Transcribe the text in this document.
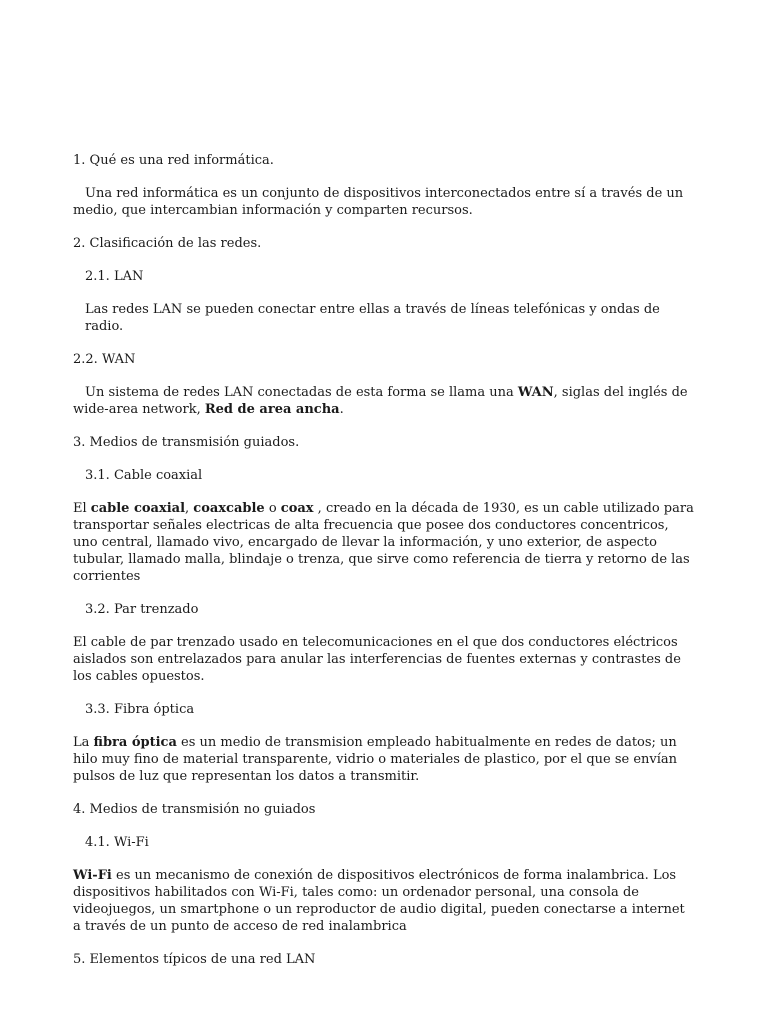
1. Qué es una red informática.
Una red informática es un conjunto de dispositivos interconectados entre sí a través de un medio, que intercambian información y comparten recursos.
2. Clasificación de las redes.
2.1. LAN
Las redes LAN se pueden conectar entre ellas a través de líneas telefónicas y ondas de radio.
2.2. WAN
Un sistema de redes LAN conectadas de esta forma se llama una WAN, siglas del inglés de wide-area network, Red de area ancha.
3. Medios de transmisión guiados.
3.1. Cable coaxial
El cable coaxial, coaxcable o coax , creado en la década de 1930, es un cable utilizado para transportar señales electricas de alta frecuencia que posee dos conductores concentricos, uno central, llamado vivo, encargado de llevar la información, y uno exterior, de aspecto tubular, llamado malla, blindaje o trenza, que sirve como referencia de tierra y retorno de las corrientes
3.2. Par trenzado
El cable de par trenzado usado en telecomunicaciones en el que dos conductores eléctricos aislados son entrelazados para anular las interferencias de fuentes externas y contrastes de los cables opuestos.
3.3. Fibra óptica
La fibra óptica es un medio de transmision empleado habitualmente en redes de datos; un hilo muy fino de material transparente, vidrio o materiales de plastico, por el que se envían pulsos de luz que representan los datos a transmitir.
4. Medios de transmisión no guiados
4.1. Wi-Fi
Wi-Fi es un mecanismo de conexión de dispositivos electrónicos de forma inalambrica. Los dispositivos habilitados con Wi-Fi, tales como: un ordenador personal, una consola de videojuegos, un smartphone o un reproductor de audio digital, pueden conectarse a internet a través de un punto de acceso de red inalambrica
5. Elementos típicos de una red LAN
